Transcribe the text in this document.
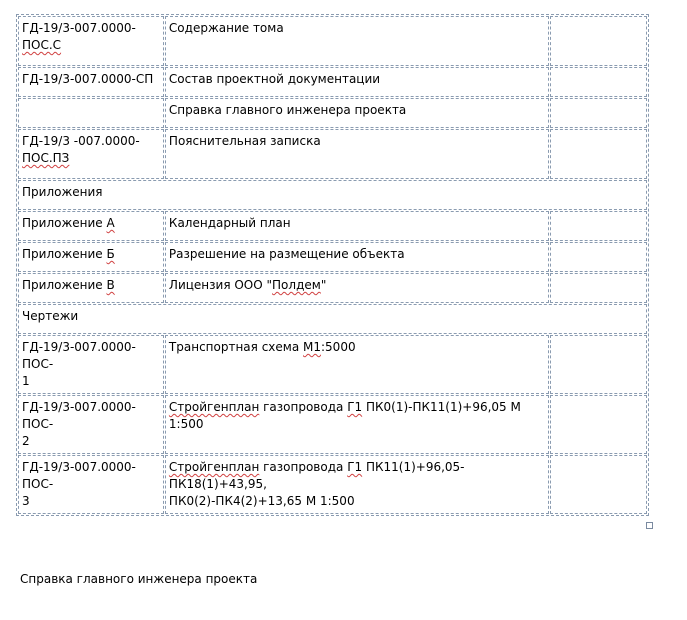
ГД-19/3-007.0000-
ПОС.С	Содержание тома	
ГД-19/3-007.0000-СП	Состав проектной документации	
	Справка главного инженера проекта	
ГД-19/3 -007.0000-
ПОС.ПЗ	Пояснительная записка	
Приложения		
Приложение А	Календарный план	
Приложение Б	Разрешение на размещение объекта	
Приложение В	Лицензия ООО "Полдем"	
Чертежи		
ГД-19/3-007.0000-ПОС-
1	Транспортная схема М1:5000	
ГД-19/3-007.0000-ПОС-
2	Стройгенплан газопровода Г1 ПК0(1)-ПК11(1)+96,05 М 1:500	
ГД-19/3-007.0000-ПОС-
3	Стройгенплан газопровода Г1 ПК11(1)+96,05-ПК18(1)+43,95,
ПК0(2)-ПК4(2)+13,65 М 1:500	
Справка главного инженера проекта
